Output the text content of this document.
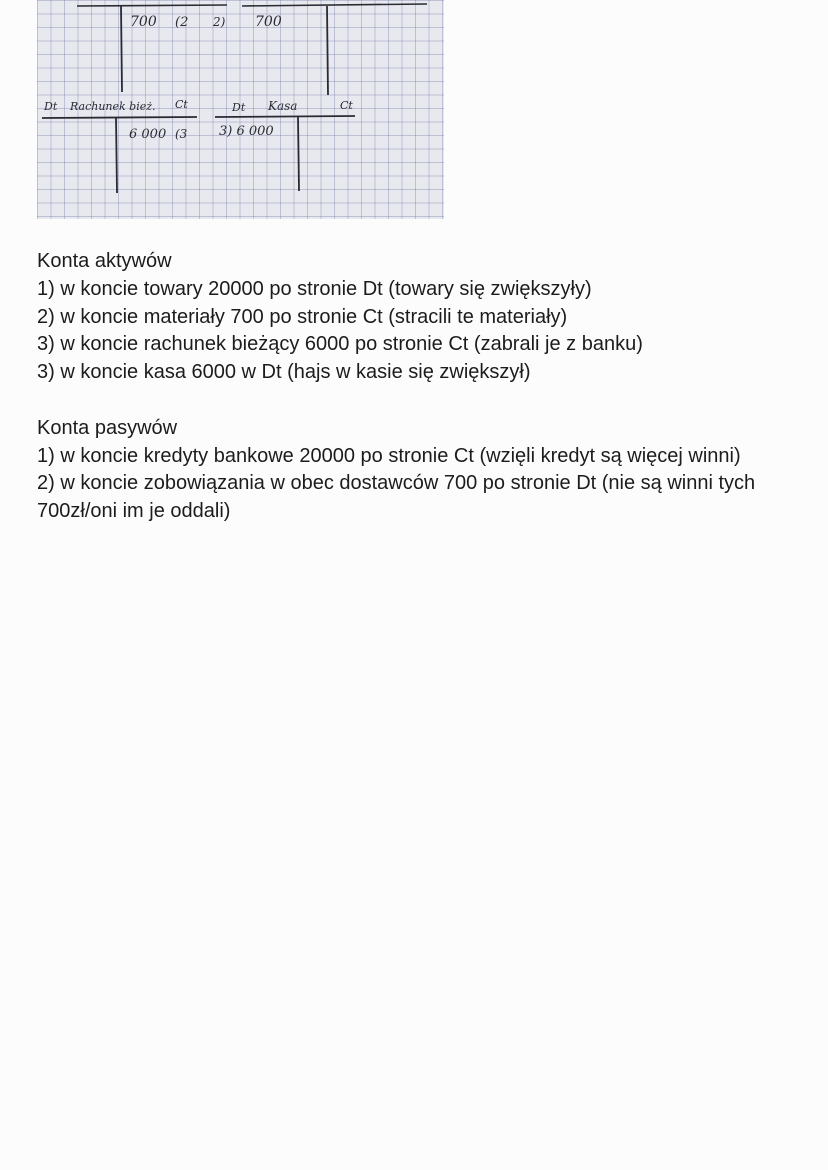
700 (2 2) 700
Dt Rachunek bież. Ct
6 000 (3
Dt Kasa	Ct
3) 6 000
Konta aktywów
1) w koncie towary 20000 po stronie Dt (towary się zwiększyły)
2) w koncie materiały 700 po stronie Ct (stracili te materiały)
3) w koncie rachunek bieżący 6000 po stronie Ct (zabrali je z banku)
3) w koncie kasa 6000 w Dt (hajs w kasie się zwiększył)
Konta pasywów
1) w koncie kredyty bankowe 20000 po stronie Ct (wzięli kredyt są więcej winni)
2) w koncie zobowiązania w obec dostawców 700 po stronie Dt (nie są winni tych 700zł/oni im je oddali)
